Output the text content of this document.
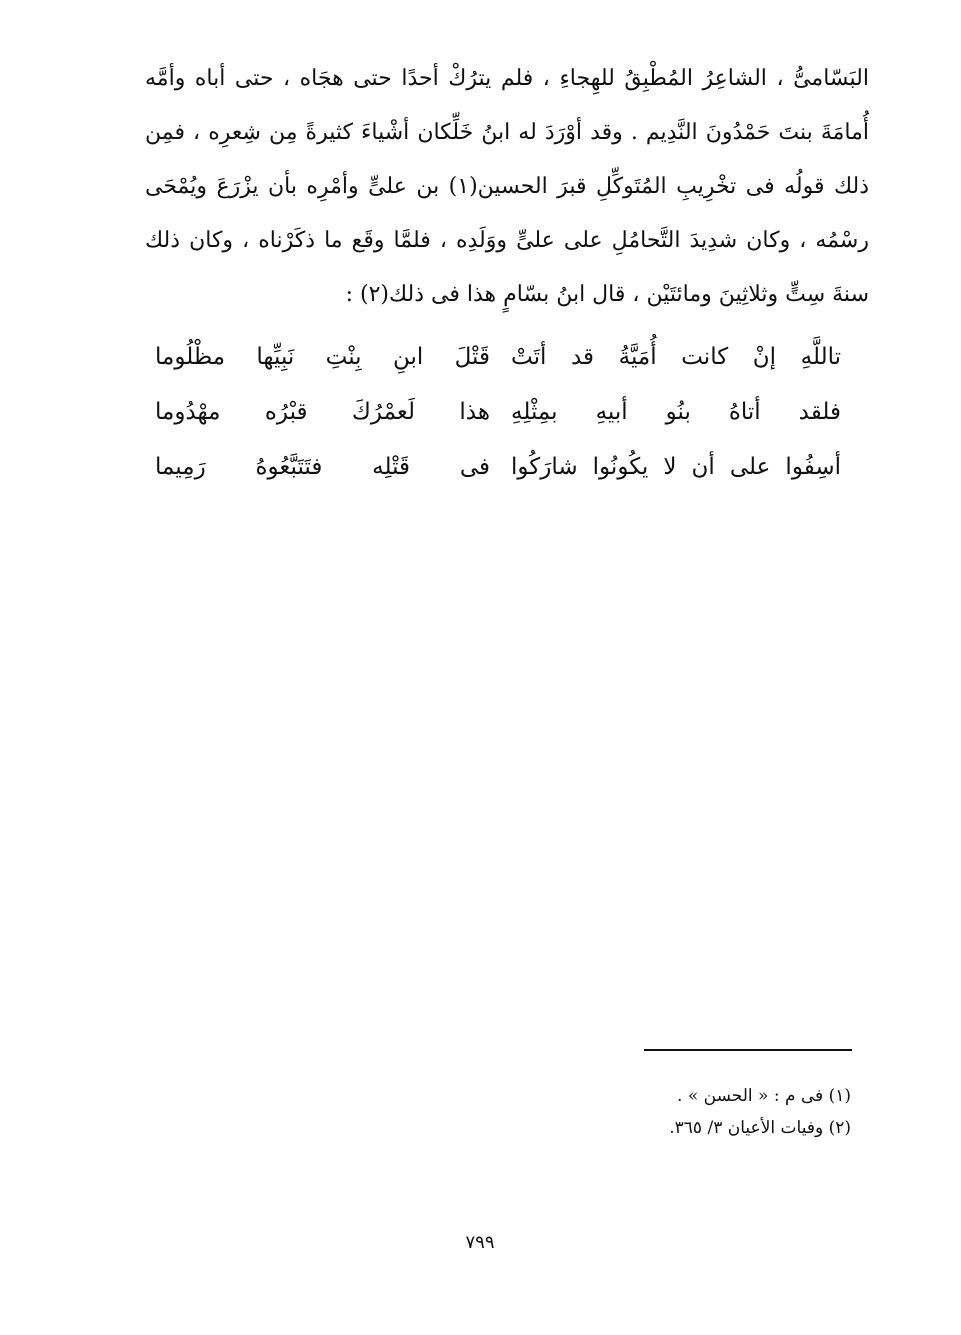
البَسّامىُّ ، الشاعِرُ المُطْبِقُ للهِجاءِ ، فلم يترُكْ أحدًا حتى هجَاه ، حتى أباه وأمَّه
أُمامَةَ بنتَ حَمْدُونَ النَّدِيم . وقد أوْرَدَ له ابنُ خَلِّكان أشْياءَ كثيرةً مِن شِعرِه ، فمِن
ذلك قولُه فى تخْرِيبِ المُتَوكِّلِ قبرَ الحسين(١) بن علىٍّ وأمْرِه بأن يزْرَعَ ويُمْحَى
رسْمُه ، وكان شدِيدَ التَّحامُلِ على علىٍّ ووَلَدِه ، فلمَّا وقَع ما ذكَرْناه ، وكان ذلك
سنةَ سِتٍّ وثلاثِينَ ومائتَيْن ، قال ابنُ بسّامٍ هذا فى ذلك(٢) :
تاللَّهِ إنْ كانت أُمَيَّةُ قد أتَتْ
قَتْلَ ابنِ بِنْتِ نَبِيِّها مظْلُوما
فلقد أتاهُ بنُو أبيهِ بمِثْلِهِ
هذا لَعمْرُكَ قبْرُه مهْدُوما
أسِفُوا على أن لا يكُونُوا شارَكُوا
فى قَتْلِه فتَتَبَّعُوهُ رَمِيما
(١) فى م : « الحسن » .
(٢) وفيات الأعيان ٣/ ٣٦٥.
٧٩٩
